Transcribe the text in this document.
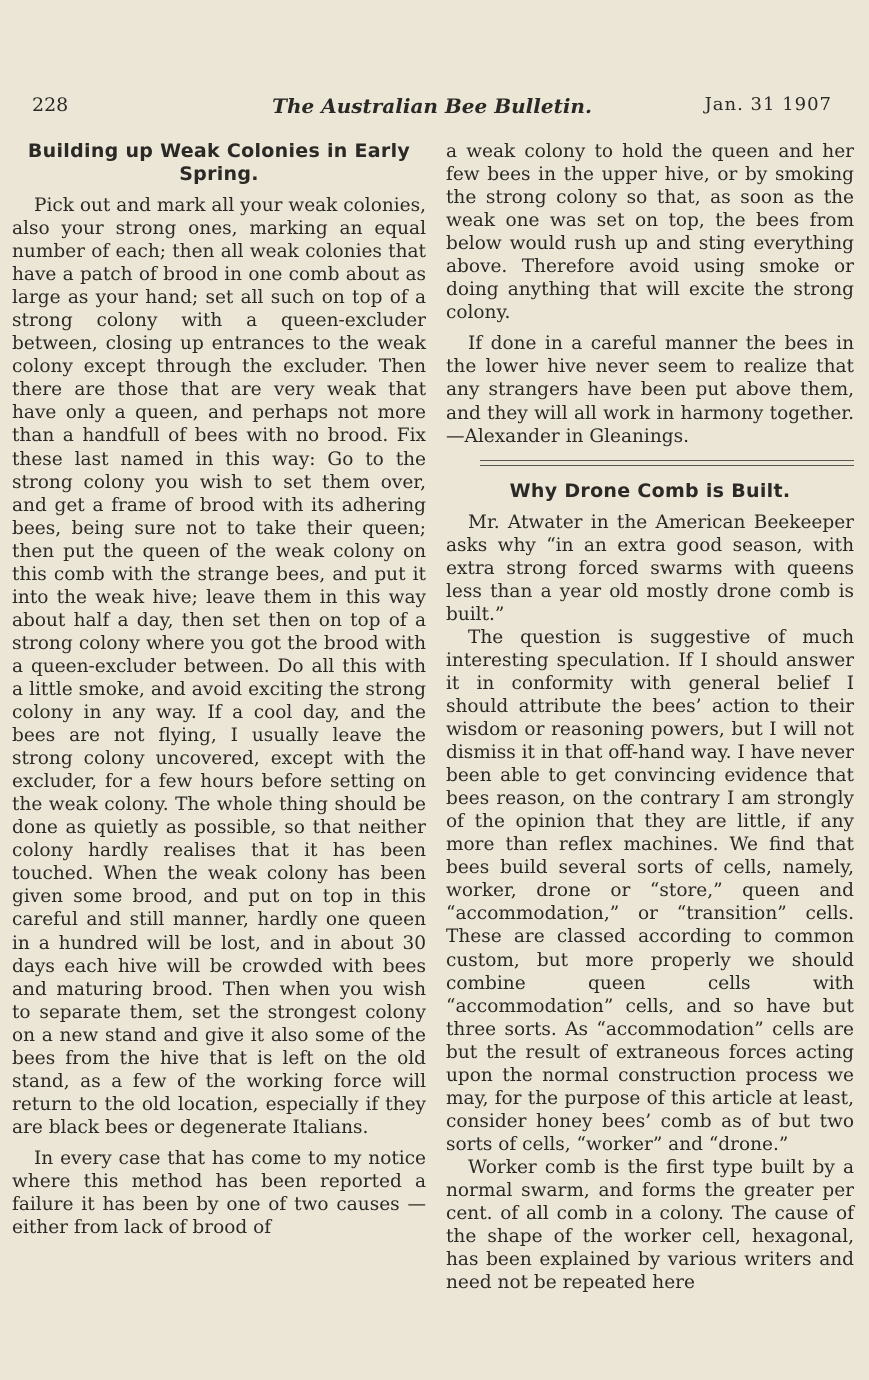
228	The Australian Bee Bulletin.	Jan. 31 1907
Building up Weak Colonies in Early Spring.

Pick out and mark all your weak colonies, also your strong ones, marking an equal number of each; then all weak colonies that have a patch of brood in one comb about as large as your hand; set all such on top of a strong colony with a queen-excluder between, closing up entrances to the weak colony except through the excluder. Then there are those that are very weak that have only a queen, and perhaps not more than a handfull of bees with no brood. Fix these last named in this way: Go to the strong colony you wish to set them over, and get a frame of brood with its adhering bees, being sure not to take their queen; then put the queen of the weak colony on this comb with the strange bees, and put it into the weak hive; leave them in this way about half a day, then set then on top of a strong colony where you got the brood with a queen-excluder between. Do all this with a little smoke, and avoid exciting the strong colony in any way. If a cool day, and the bees are not flying, I usually leave the strong colony uncovered, except with the excluder, for a few hours before setting on the weak colony. The whole thing should be done as quietly as possible, so that neither colony hardly realises that it has been touched. When the weak colony has been given some brood, and put on top in this careful and still manner, hardly one queen in a hundred will be lost, and in about 30 days each hive will be crowded with bees and maturing brood. Then when you wish to separate them, set the strongest colony on a new stand and give it also some of the bees from the hive that is left on the old stand, as a few of the working force will return to the old location, especially if they are black bees or degenerate Italians.

In every case that has come to my notice where this method has been reported a failure it has been by one of two causes —either from lack of brood of

a weak colony to hold the queen and her few bees in the upper hive, or by smoking the strong colony so that, as soon as the weak one was set on top, the bees from below would rush up and sting everything above. Therefore avoid using smoke or doing anything that will excite the strong colony.

If done in a careful manner the bees in the lower hive never seem to realize that any strangers have been put above them, and they will all work in harmony together.—Alexander in Gleanings.

Why Drone Comb is Built.

Mr. Atwater in the American Beekeeper asks why “in an extra good season, with extra strong forced swarms with queens less than a year old mostly drone comb is built.”

The question is suggestive of much interesting speculation. If I should answer it in conformity with general belief I should attribute the bees’ action to their wisdom or reasoning powers, but I will not dismiss it in that off-hand way. I have never been able to get convincing evidence that bees reason, on the contrary I am strongly of the opinion that they are little, if any more than reflex machines. We find that bees build several sorts of cells, namely, worker, drone or “store,” queen and “accommodation,” or “transition” cells. These are classed according to common custom, but more properly we should combine queen cells with “accommodation” cells, and so have but three sorts. As “accommodation” cells are but the result of extraneous forces acting upon the normal construction process we may, for the purpose of this article at least, consider honey bees’ comb as of but two sorts of cells, “worker” and “drone.”

Worker comb is the first type built by a normal swarm, and forms the greater per cent. of all comb in a colony. The cause of the shape of the worker cell, hexagonal, has been explained by various writers and need not be repeated here
